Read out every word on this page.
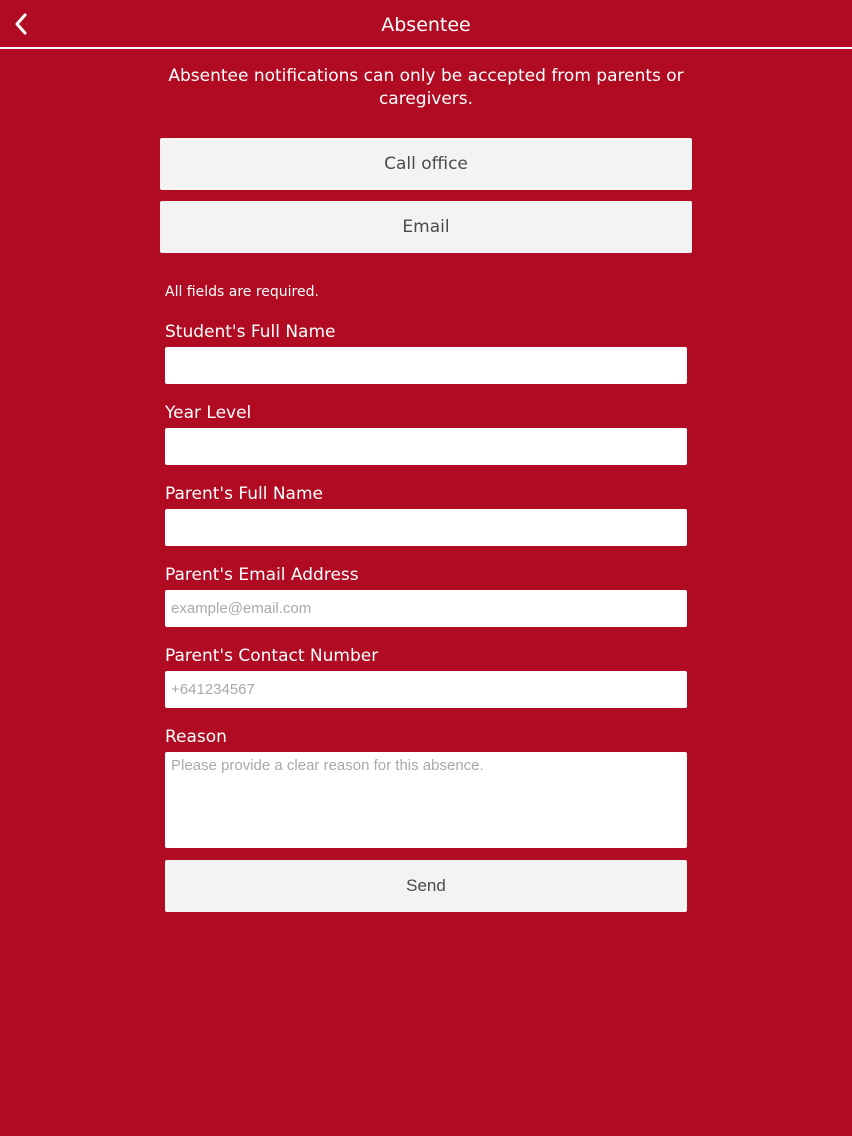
Absentee
Absentee notifications can only be accepted from parents or caregivers.
Call office
Email
All fields are required.
Student's Full Name
Year Level
Parent's Full Name
Parent's Email Address
example@email.com
Parent's Contact Number
+641234567
Reason
Please provide a clear reason for this absence.
Send
